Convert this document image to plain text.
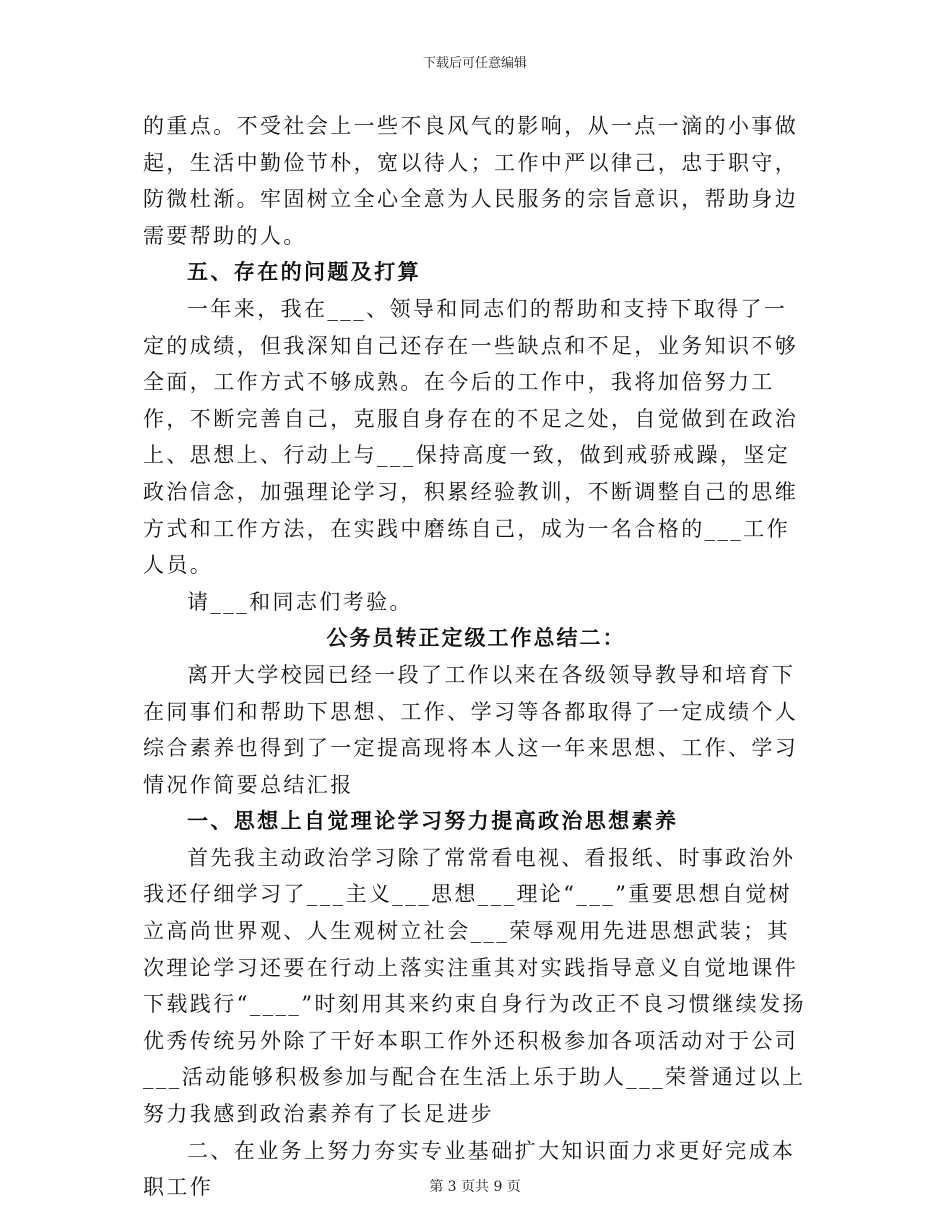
下载后可任意编辑

的重点。不受社会上一些不良风气的影响，从一点一滴的小事做起，生活中勤俭节朴，宽以待人；工作中严以律己，忠于职守，防微杜渐。牢固树立全心全意为人民服务的宗旨意识，帮助身边需要帮助的人。

五、存在的问题及打算

一年来，我在___、领导和同志们的帮助和支持下取得了一定的成绩，但我深知自己还存在一些缺点和不足，业务知识不够全面，工作方式不够成熟。在今后的工作中，我将加倍努力工作，不断完善自己，克服自身存在的不足之处，自觉做到在政治上、思想上、行动上与___保持高度一致，做到戒骄戒躁，坚定政治信念，加强理论学习，积累经验教训，不断调整自己的思维方式和工作方法，在实践中磨练自己，成为一名合格的___工作人员。

请___和同志们考验。

公务员转正定级工作总结二：

离开大学校园已经一段了工作以来在各级领导教导和培育下在同事们和帮助下思想、工作、学习等各都取得了一定成绩个人综合素养也得到了一定提高现将本人这一年来思想、工作、学习情况作简要总结汇报

一、思想上自觉理论学习努力提高政治思想素养

首先我主动政治学习除了常常看电视、看报纸、时事政治外我还仔细学习了___主义___思想___理论“___”重要思想自觉树立高尚世界观、人生观树立社会___荣辱观用先进思想武装；其次理论学习还要在行动上落实注重其对实践指导意义自觉地课件下载践行“____”时刻用其来约束自身行为改正不良习惯继续发扬优秀传统另外除了干好本职工作外还积极参加各项活动对于公司___活动能够积极参加与配合在生活上乐于助人___荣誉通过以上努力我感到政治素养有了长足进步

二、在业务上努力夯实专业基础扩大知识面力求更好完成本职工作	第 3 页共 9 页
